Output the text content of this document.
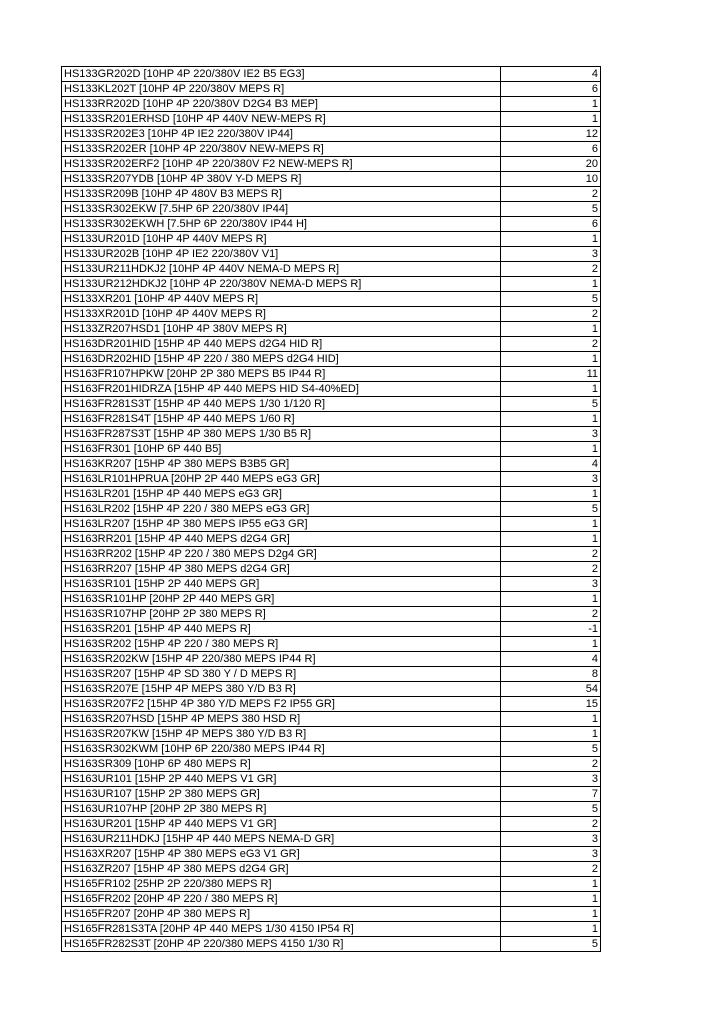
HS133GR202D [10HP 4P 220/380V IE2 B5 EG3]	4
HS133KL202T [10HP 4P 220/380V MEPS R]	6
HS133RR202D [10HP 4P 220/380V D2G4 B3 MEP]	1
HS133SR201ERHSD [10HP 4P 440V NEW-MEPS R]	1
HS133SR202E3 [10HP 4P IE2 220/380V IP44]	12
HS133SR202ER [10HP 4P 220/380V NEW-MEPS R]	6
HS133SR202ERF2 [10HP 4P 220/380V F2 NEW-MEPS R]	20
HS133SR207YDB [10HP 4P 380V Y-D MEPS R]	10
HS133SR209B [10HP 4P 480V B3 MEPS R]	2
HS133SR302EKW [7.5HP 6P 220/380V IP44]	5
HS133SR302EKWH [7.5HP 6P 220/380V IP44 H]	6
HS133UR201D [10HP 4P 440V MEPS R]	1
HS133UR202B [10HP 4P IE2 220/380V V1]	3
HS133UR211HDKJ2 [10HP 4P 440V NEMA-D MEPS R]	2
HS133UR212HDKJ2 [10HP 4P 220/380V NEMA-D MEPS R]	1
HS133XR201 [10HP 4P 440V MEPS R]	5
HS133XR201D [10HP 4P 440V MEPS R]	2
HS133ZR207HSD1 [10HP 4P 380V MEPS R]	1
HS163DR201HID [15HP 4P 440 MEPS d2G4 HID R]	2
HS163DR202HID [15HP 4P 220 / 380 MEPS d2G4 HID]	1
HS163FR107HPKW [20HP 2P 380 MEPS B5 IP44 R]	11
HS163FR201HIDRZA [15HP 4P 440 MEPS HID S4-40%ED]	1
HS163FR281S3T [15HP 4P 440 MEPS 1/30 1/120 R]	5
HS163FR281S4T [15HP 4P 440 MEPS 1/60 R]	1
HS163FR287S3T [15HP 4P 380 MEPS 1/30 B5 R]	3
HS163FR301 [10HP 6P 440 B5]	1
HS163KR207 [15HP 4P 380 MEPS B3B5 GR]	4
HS163LR101HPRUA [20HP 2P 440 MEPS eG3 GR]	3
HS163LR201 [15HP 4P 440 MEPS eG3 GR]	1
HS163LR202 [15HP 4P 220 / 380 MEPS eG3 GR]	5
HS163LR207 [15HP 4P 380 MEPS IP55 eG3 GR]	1
HS163RR201 [15HP 4P 440 MEPS d2G4 GR]	1
HS163RR202 [15HP 4P 220 / 380 MEPS D2g4 GR]	2
HS163RR207 [15HP 4P 380 MEPS d2G4 GR]	2
HS163SR101 [15HP 2P 440 MEPS GR]	3
HS163SR101HP [20HP 2P 440 MEPS GR]	1
HS163SR107HP [20HP 2P 380 MEPS R]	2
HS163SR201 [15HP 4P 440 MEPS R]	-1
HS163SR202 [15HP 4P 220 / 380 MEPS R]	1
HS163SR202KW [15HP 4P 220/380 MEPS IP44 R]	4
HS163SR207 [15HP 4P SD 380 Y / D MEPS R]	8
HS163SR207E [15HP 4P MEPS 380 Y/D B3 R]	54
HS163SR207F2 [15HP 4P 380 Y/D MEPS F2 IP55 GR]	15
HS163SR207HSD [15HP 4P MEPS 380 HSD R]	1
HS163SR207KW [15HP 4P MEPS 380 Y/D B3 R]	1
HS163SR302KWM [10HP 6P 220/380 MEPS IP44 R]	5
HS163SR309 [10HP 6P 480 MEPS R]	2
HS163UR101 [15HP 2P 440 MEPS V1 GR]	3
HS163UR107 [15HP 2P 380 MEPS GR]	7
HS163UR107HP [20HP 2P 380 MEPS R]	5
HS163UR201 [15HP 4P 440 MEPS V1 GR]	2
HS163UR211HDKJ [15HP 4P 440 MEPS NEMA-D GR]	3
HS163XR207 [15HP 4P 380 MEPS eG3 V1 GR]	3
HS163ZR207 [15HP 4P 380 MEPS d2G4 GR]	2
HS165FR102 [25HP 2P 220/380 MEPS R]	1
HS165FR202 [20HP 4P 220 / 380 MEPS R]	1
HS165FR207 [20HP 4P 380 MEPS R]	1
HS165FR281S3TA [20HP 4P 440 MEPS 1/30 4150 IP54 R]	1
HS165FR282S3T [20HP 4P 220/380 MEPS 4150 1/30 R]	5
